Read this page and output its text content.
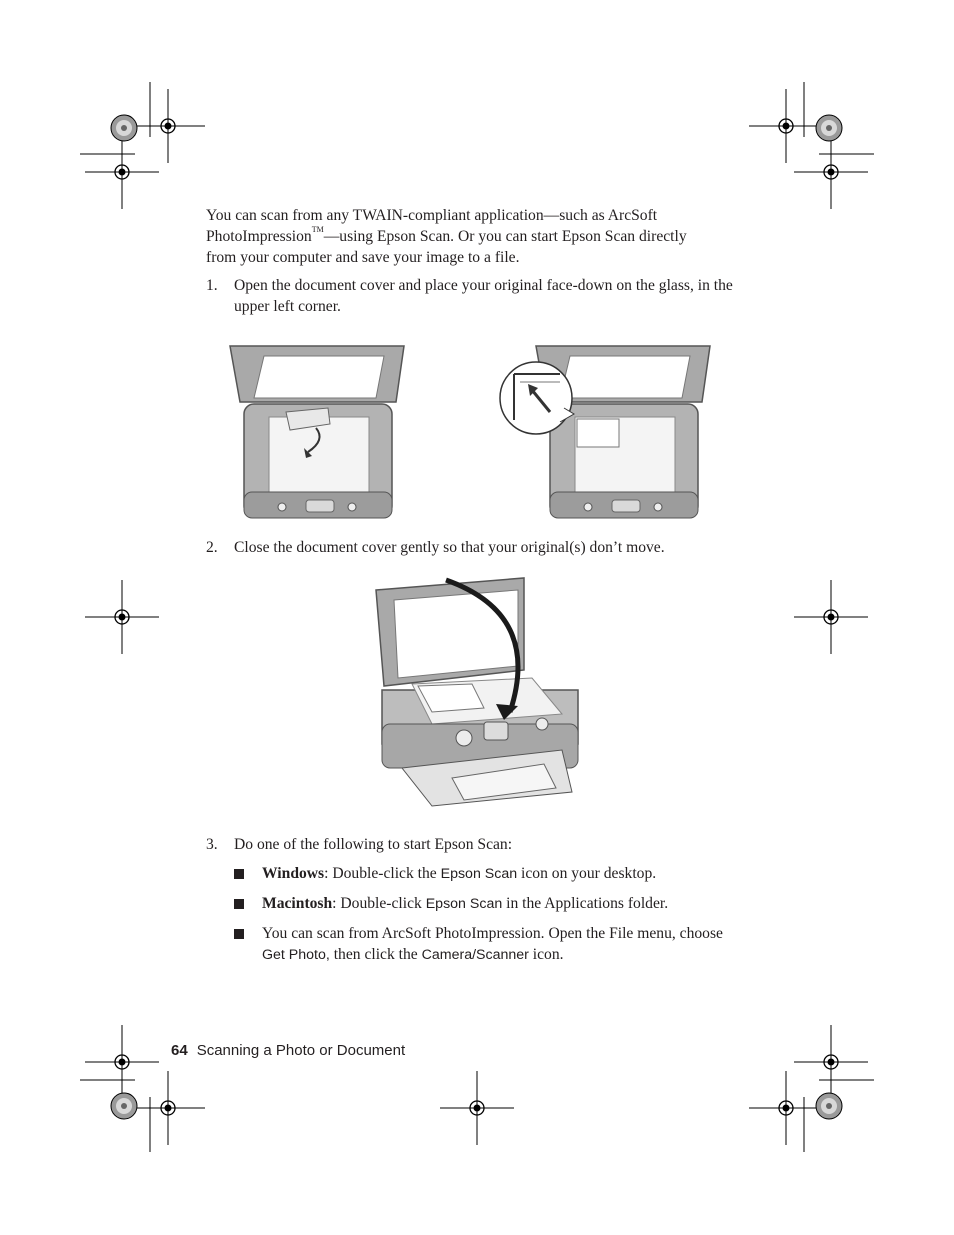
You can scan from any TWAIN-compliant application—such as ArcSoft
PhotoImpression™—using Epson Scan. Or you can start Epson Scan directly
from your computer and save your image to a file.
1. Open the document cover and place your original face-down on the glass, in the upper left corner.
2. Close the document cover gently so that your original(s) don’t move.
3. Do one of the following to start Epson Scan:
Windows: Double-click the Epson Scan icon on your desktop.
Macintosh: Double-click Epson Scan in the Applications folder.
You can scan from ArcSoft PhotoImpression. Open the File menu, choose
Get Photo, then click the Camera/Scanner icon.
64 Scanning a Photo or Document
